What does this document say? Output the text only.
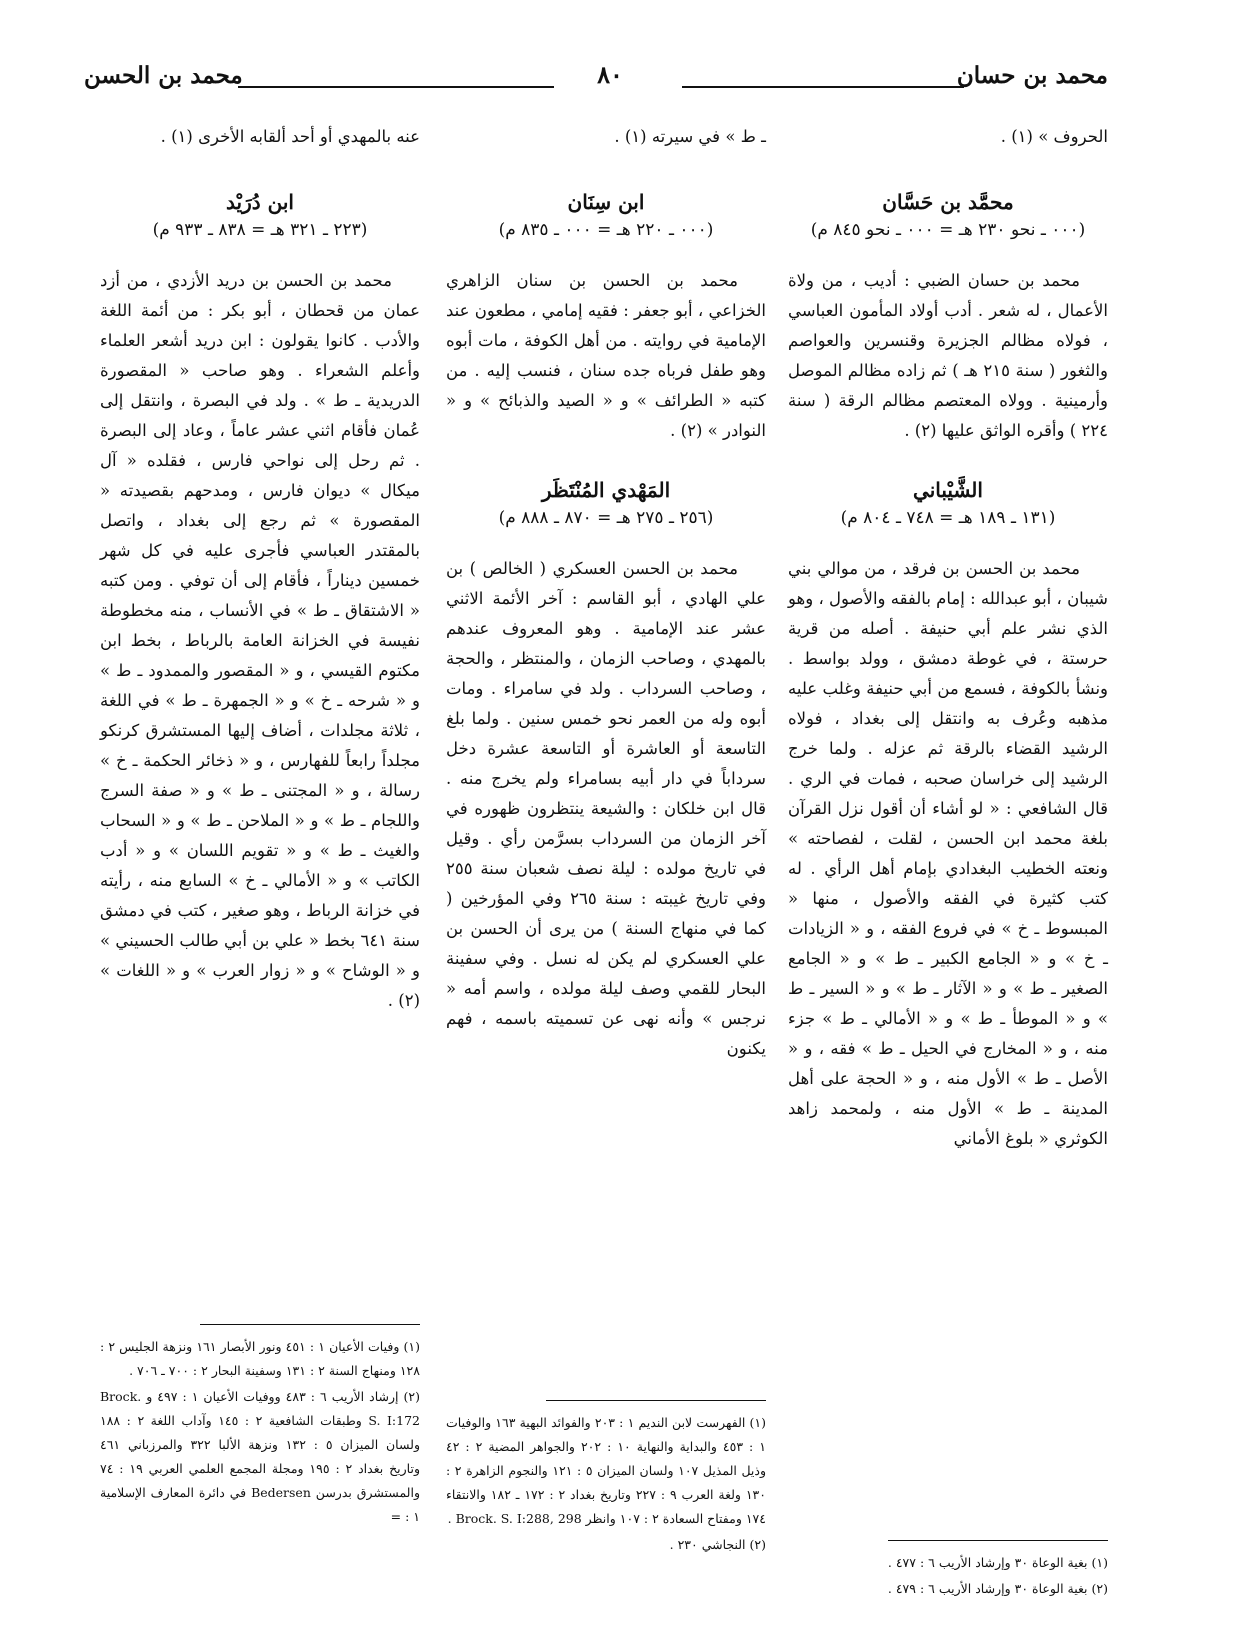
محمد بن حسان
٨٠
محمد بن الحسن

الحروف » (١) .

محمَّد بن حَسَّان

(٠٠٠ ـ نحو ٢٣٠ هـ = ٠٠٠ ـ نحو ٨٤٥ م)

محمد بن حسان الضبي : أديب ، من ولاة الأعمال ، له شعر . أدب أولاد المأمون العباسي ، فولاه مظالم الجزيرة وقنسرين والعواصم والثغور ( سنة ٢١٥ هـ ) ثم زاده مظالم الموصل وأرمينية . وولاه المعتصم مظالم الرقة ( سنة ٢٢٤ ) وأقره الواثق عليها (٢) .

الشَّيْباني

(١٣١ ـ ١٨٩ هـ = ٧٤٨ ـ ٨٠٤ م)

محمد بن الحسن بن فرقد ، من موالي بني شيبان ، أبو عبدالله : إمام بالفقه والأصول ، وهو الذي نشر علم أبي حنيفة . أصله من قرية حرستة ، في غوطة دمشق ، وولد بواسط . ونشأ بالكوفة ، فسمع من أبي حنيفة وغلب عليه مذهبه وعُرف به وانتقل إلى بغداد ، فولاه الرشيد القضاء بالرقة ثم عزله . ولما خرج الرشيد إلى خراسان صحبه ، فمات في الري . قال الشافعي : « لو أشاء أن أقول نزل القرآن بلغة محمد ابن الحسن ، لقلت ، لفصاحته » ونعته الخطيب البغدادي بإمام أهل الرأي . له كتب كثيرة في الفقه والأصول ، منها « المبسوط ـ خ » في فروع الفقه ، و « الزيادات ـ خ » و « الجامع الكبير ـ ط » و « الجامع الصغير ـ ط » و « الآثار ـ ط » و « السير ـ ط » و « الموطأ ـ ط » و « الأمالي ـ ط » جزء منه ، و « المخارج في الحيل ـ ط » فقه ، و « الأصل ـ ط » الأول منه ، و « الحجة على أهل المدينة ـ ط » الأول منه ، ولمحمد زاهد الكوثري « بلوغ الأماني

ـ ط » في سيرته (١) .

ابن سِنَان

(٠٠٠ ـ ٢٢٠ هـ = ٠٠٠ ـ ٨٣٥ م)

محمد بن الحسن بن سنان الزاهري الخزاعي ، أبو جعفر : فقيه إمامي ، مطعون عند الإمامية في روايته . من أهل الكوفة ، مات أبوه وهو طفل فرباه جده سنان ، فنسب إليه . من كتبه « الطرائف » و « الصيد والذبائح » و « النوادر » (٢) .

المَهْدي المُنْتَظَر

(٢٥٦ ـ ٢٧٥ هـ = ٨٧٠ ـ ٨٨٨ م)

محمد بن الحسن العسكري ( الخالص ) بن علي الهادي ، أبو القاسم : آخر الأئمة الاثني عشر عند الإمامية . وهو المعروف عندهم بالمهدي ، وصاحب الزمان ، والمنتظر ، والحجة ، وصاحب السرداب . ولد في سامراء . ومات أبوه وله من العمر نحو خمس سنين . ولما بلغ التاسعة أو العاشرة أو التاسعة عشرة دخل سرداباً في دار أبيه بسامراء ولم يخرج منه . قال ابن خلكان : والشيعة ينتظرون ظهوره في آخر الزمان من السرداب بسرَّمن رأي . وقيل في تاريخ مولده : ليلة نصف شعبان سنة ٢٥٥ وفي تاريخ غيبته : سنة ٢٦٥ وفي المؤرخين ( كما في منهاج السنة ) من يرى أن الحسن بن علي العسكري لم يكن له نسل . وفي سفينة البحار للقمي وصف ليلة مولده ، واسم أمه « نرجس » وأنه نهى عن تسميته باسمه ، فهم يكنون

عنه بالمهدي أو أحد ألقابه الأخرى (١) .

ابن دُرَيْد

(٢٢٣ ـ ٣٢١ هـ = ٨٣٨ ـ ٩٣٣ م)

محمد بن الحسن بن دريد الأزدي ، من أزد عمان من قحطان ، أبو بكر : من أئمة اللغة والأدب . كانوا يقولون : ابن دريد أشعر العلماء وأعلم الشعراء . وهو صاحب « المقصورة الدريدية ـ ط » . ولد في البصرة ، وانتقل إلى عُمان فأقام اثني عشر عاماً ، وعاد إلى البصرة . ثم رحل إلى نواحي فارس ، فقلده « آل ميكال » ديوان فارس ، ومدحهم بقصيدته « المقصورة » ثم رجع إلى بغداد ، واتصل بالمقتدر العباسي فأجرى عليه في كل شهر خمسين ديناراً ، فأقام إلى أن توفي . ومن كتبه « الاشتقاق ـ ط » في الأنساب ، منه مخطوطة نفيسة في الخزانة العامة بالرباط ، بخط ابن مكتوم القيسي ، و « المقصور والممدود ـ ط » و « شرحه ـ خ » و « الجمهرة ـ ط » في اللغة ، ثلاثة مجلدات ، أضاف إليها المستشرق كرنكو مجلداً رابعاً للفهارس ، و « ذخائر الحكمة ـ خ » رسالة ، و « المجتنى ـ ط » و « صفة السرج واللجام ـ ط » و « الملاحن ـ ط » و « السحاب والغيث ـ ط » و « تقويم اللسان » و « أدب الكاتب » و « الأمالي ـ خ » السابع منه ، رأيته في خزانة الرباط ، وهو صغير ، كتب في دمشق سنة ٦٤١ بخط « علي بن أبي طالب الحسيني » و « الوشاح » و « زوار العرب » و « اللغات » (٢) .

(١) بغية الوعاة ٣٠ وإرشاد الأريب ٦ : ٤٧٧ .

(٢) بغية الوعاة ٣٠ وإرشاد الأريب ٦ : ٤٧٩ .

(١) الفهرست لابن النديم ١ : ٢٠٣ والفوائد البهية ١٦٣ والوفيات ١ : ٤٥٣ والبداية والنهاية ١٠ : ٢٠٢ والجواهر المضية ٢ : ٤٢ وذيل المذيل ١٠٧ ولسان الميزان ٥ : ١٢١ والنجوم الزاهرة ٢ : ١٣٠ ولغة العرب ٩ : ٢٢٧ وتاريخ بغداد ٢ : ١٧٢ ـ ١٨٢ والانتقاء ١٧٤ ومفتاح السعادة ٢ : ١٠٧ وانظر Brock. S. I:288, 298 .

(٢) النجاشي ٢٣٠ .

(١) وفيات الأعيان ١ : ٤٥١ ونور الأبصار ١٦١ ونزهة الجليس ٢ : ١٢٨ ومنهاج السنة ٢ : ١٣١ وسفينة البحار ٢ : ٧٠٠ ـ ٧٠٦ .

(٢) إرشاد الأريب ٦ : ٤٨٣ ووفيات الأعيان ١ : ٤٩٧ و Brock. S. I:172 وطبقات الشافعية ٢ : ١٤٥ وآداب اللغة ٢ : ١٨٨ ولسان الميزان ٥ : ١٣٢ ونزهة الألبا ٣٢٢ والمرزباني ٤٦١ وتاريخ بغداد ٢ : ١٩٥ ومجلة المجمع العلمي العربي ١٩ : ٧٤ والمستشرق بدرسن Bedersen في دائرة المعارف الإسلامية ١ : =
